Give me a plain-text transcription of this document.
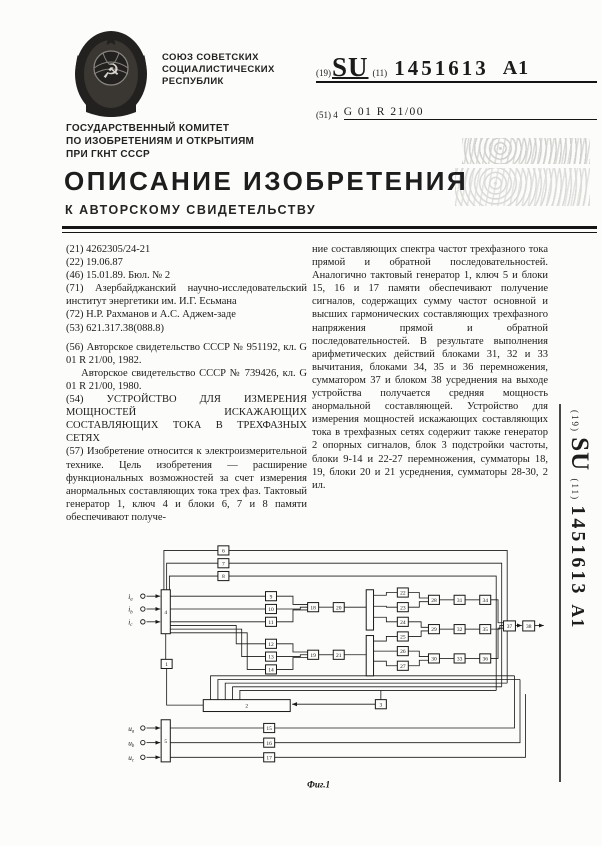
☭
СОЮЗ СОВЕТСКИХ
СОЦИАЛИСТИЧЕСКИХ
РЕСПУБЛИК
(19) SU (11) 1451613 А1
(51) 4 G 01 R 21/00
ГОСУДАРСТВЕННЫЙ КОМИТЕТ
ПО ИЗОБРЕТЕНИЯМ И ОТКРЫТИЯМ
ПРИ ГКНТ СССР
ОПИСАНИЕ ИЗОБРЕТЕНИЯ
К АВТОРСКОМУ СВИДЕТЕЛЬСТВУ

(21) 4262305/24-21

(22) 19.06.87

(46) 15.01.89. Бюл. № 2

(71) Азербайджанский научно-исследовательский институт энергетики им. И.Г. Есьмана

(72) Н.Р. Рахманов и А.С. Аджем-заде

(53) 621.317.38(088.8)

(56) Авторское свидетельство СССР № 951192, кл. G 01 R 21/00, 1982.

Авторское свидетельство СССР № 739426, кл. G 01 R 21/00, 1980.

(54) УСТРОЙСТВО ДЛЯ ИЗМЕРЕНИЯ МОЩНОСТЕЙ ИСКАЖАЮЩИХ СОСТАВЛЯЮЩИХ ТОКА В ТРЕХФАЗНЫХ СЕТЯХ

(57) Изобретение относится к электроизмерительной технике. Цель изобретения — расширение функциональных возможностей за счет измерения анормальных составляющих тока трех фаз. Тактовый генератор 1, ключ 4 и блоки 6, 7 и 8 памяти обеспечивают получе-

ние составляющих спектра частот трехфазного тока прямой и обратной последовательностей. Аналогично тактовый генератор 1, ключ 5 и блоки 15, 16 и 17 памяти обеспечивают получение сигналов, содержащих сумму частот основной и высших гармонических составляющих трехфазного напряжения прямой и обратной последовательностей. В результате выполнения арифметических действий блоками 31, 32 и 33 вычитания, блоками 34, 35 и 36 перемножения, сумматором 37 и блоком 38 усреднения на выходе устройства получается средняя мощность анормальной составляющей. Устройство для измерения мощностей искажающих составляющих тока в трехфазных сетях содержит также генератор 2 опорных сигналов, блок 3 подстройки частоты, блоки 9-14 и 22-27 перемножения, сумматоры 18, 19, блоки 20 и 21 усреднения, сумматоры 28-30, 2 ил.

6
7
8
4
1
2	3
9
10
11
12
13
14
18
19
20
21
22
23
24
25
26
27
28
29
30
31
32
33
34
35
36
37 38
5
15
16
17
$i_a$
$i_b$
$i_c$
$u_a$
$u_b$
$u_c$
Фиг.1
(19) SU (11) 1451613 А1
